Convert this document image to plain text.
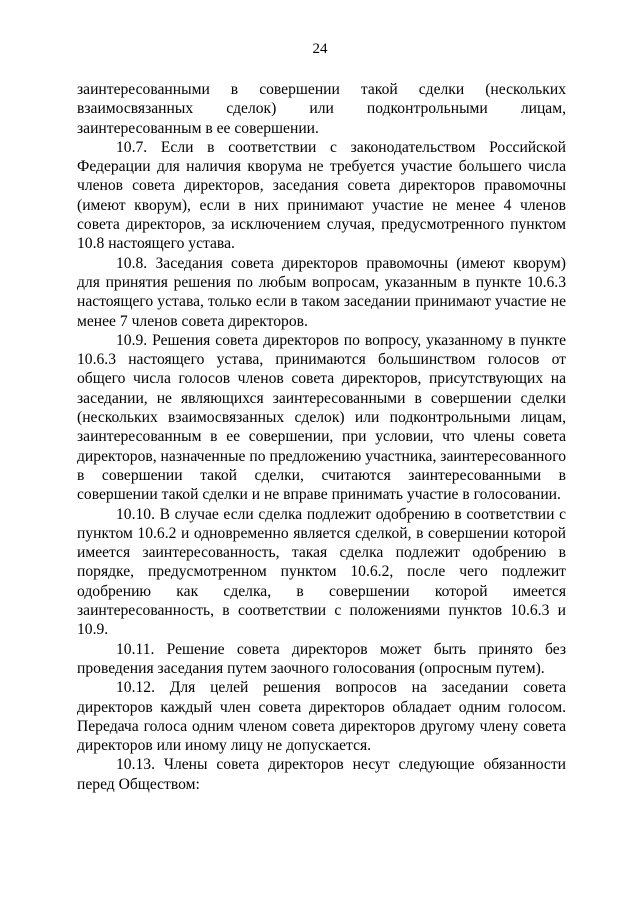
24

заинтересованными в совершении такой сделки (нескольких взаимосвязанных сделок) или подконтрольными лицам, заинтересованным в ее совершении.

10.7. Если в соответствии с законодательством Российской Федерации для наличия кворума не требуется участие большего числа членов совета директоров, заседания совета директоров правомочны (имеют кворум), если в них принимают участие не менее 4 членов совета директоров, за исключением случая, предусмотренного пунктом 10.8 настоящего устава.

10.8. Заседания совета директоров правомочны (имеют кворум) для принятия решения по любым вопросам, указанным в пункте 10.6.3 настоящего устава, только если в таком заседании принимают участие не менее 7 членов совета директоров.

10.9. Решения совета директоров по вопросу, указанному в пункте 10.6.3 настоящего устава, принимаются большинством голосов от общего числа голосов членов совета директоров, присутствующих на заседании, не являющихся заинтересованными в совершении сделки (нескольких взаимосвязанных сделок) или подконтрольными лицам, заинтересованным в ее совершении, при условии, что члены совета директоров, назначенные по предложению участника, заинтересованного в совершении такой сделки, считаются заинтересованными в совершении такой сделки и не вправе принимать участие в голосовании.

10.10. В случае если сделка подлежит одобрению в соответствии с пунктом 10.6.2 и одновременно является сделкой, в совершении которой имеется заинтересованность, такая сделка подлежит одобрению в порядке, предусмотренном пунктом 10.6.2, после чего подлежит одобрению как сделка, в совершении которой имеется заинтересованность, в соответствии с положениями пунктов 10.6.3 и 10.9.

10.11. Решение совета директоров может быть принято без проведения заседания путем заочного голосования (опросным путем).

10.12. Для целей решения вопросов на заседании совета директоров каждый член совета директоров обладает одним голосом. Передача голоса одним членом совета директоров другому члену совета директоров или иному лицу не допускается.

10.13. Члены совета директоров несут следующие обязанности перед Обществом:
